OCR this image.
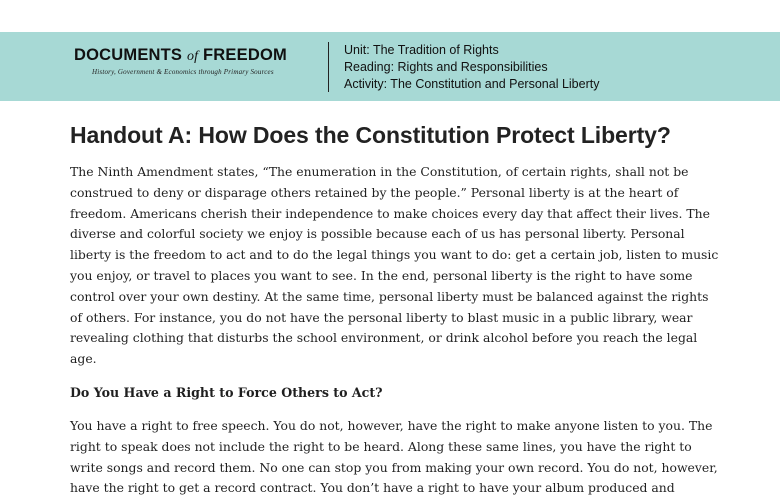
DOCUMENTS of FREEDOM
History, Government & Economics through Primary Sources
Unit: The Tradition of Rights
Reading: Rights and Responsibilities
Activity: The Constitution and Personal Liberty
Handout A: How Does the Constitution Protect Liberty?

The Ninth Amendment states, “The enumeration in the Constitution, of certain rights, shall not be construed to deny or disparage others retained by the people.” Personal liberty is at the heart of freedom. Americans cherish their independence to make choices every day that affect their lives. The diverse and colorful society we enjoy is possible because each of us has personal liberty. Personal liberty is the freedom to act and to do the legal things you want to do: get a certain job, listen to music you enjoy, or travel to places you want to see. In the end, personal liberty is the right to have some control over your own destiny. At the same time, personal liberty must be balanced against the rights of others. For instance, you do not have the personal liberty to blast music in a public library, wear revealing clothing that disturbs the school environment, or drink alcohol before you reach the legal age.

Do You Have a Right to Force Others to Act?

You have a right to free speech. You do not, however, have the right to make anyone listen to you. The right to speak does not include the right to be heard. Along these same lines, you have the right to write songs and record them. No one can stop you from making your own record. You do not, however, have the right to get a record contract. You don’t have a right to have your album produced and
